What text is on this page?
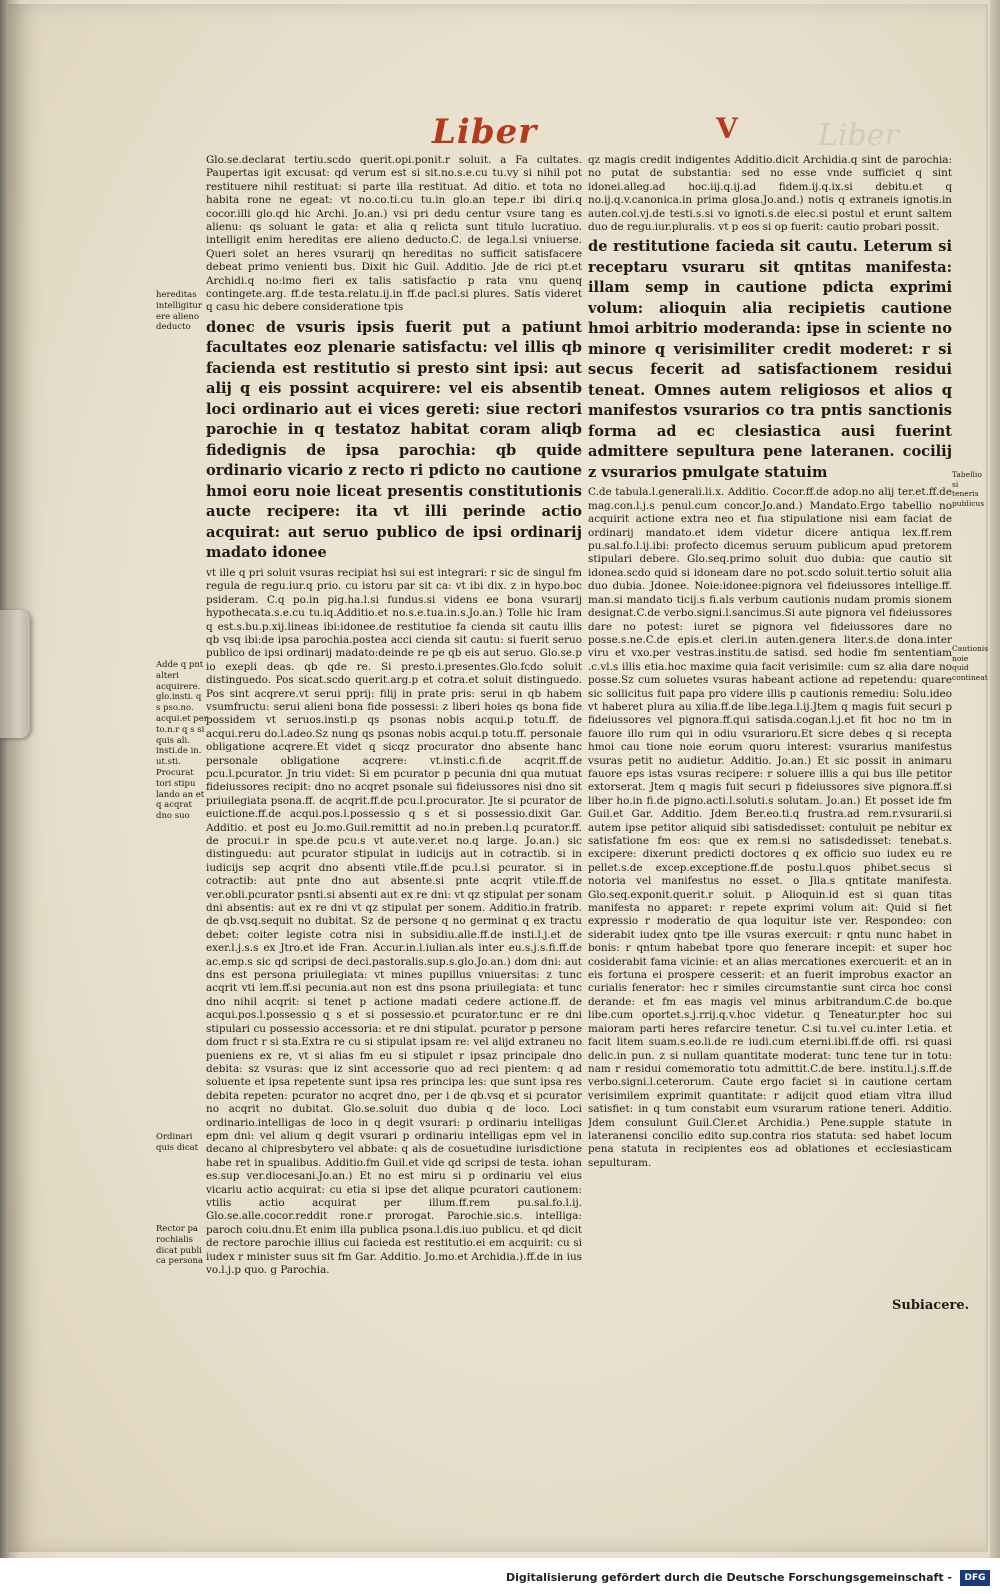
Liber
Liber	V
hereditas intelligitur ere alieno deducto
Adde q pnt alteri acquirere. glo.insti. q s pso.no. acqui.et per to.n.r q s si quis ali. insti.de in. ut.sti. Procurat tori stipu lando an et q acqrat dno suo
Ordinari quis dicat
Rector pa rochialis dicat publi ca persona
Tabellio si teneris publicus
Cautionis noie quid contineat

Glo.se.declarat tertiu.scdo querit.opi.ponit.r soluit. a Fa cultates. Paupertas igit excusat: qd verum est si sit.no.s.e.cu tu.vy si nihil pot restituere nihil restituat: si parte illa restituat. Ad ditio. et tota no habita rone ne egeat: vt no.co.ti.cu tu.in glo.an tepe.r ibi diri.q cocor.illi glo.qd hic Archi. Jo.an.) vsi pri dedu centur vsure tang es alienu: qs soluant le gata: et alia q relicta sunt titulo lucratiuo. intelligit enim hereditas ere alieno deducto.C. de lega.l.si vniuerse. Queri solet an heres vsurarij qn hereditas no sufficit satisfacere debeat primo venienti bus. Dixit hic Guil. Additio. Jde de rici pt.et Archidi.q no:imo fieri ex talis satisfactio p rata vnu quenq contingete.arg. ff.de testa.relatu.ij.in ff.de pacl.si plures. Satis videret q casu hic debere consideratione tpis

donec de vsuris ipsis fuerit put a patiunt facultates eoz plenarie satisfactu: vel illis qb facienda est restitutio si presto sint ipsi: aut alij q eis possint acquirere: vel eis absentib loci ordinario aut ei vices gereti: siue rectori parochie in q testatoz habitat coram aliqb fidedignis de ipsa parochia: qb quide ordinario vicario z recto ri pdicto no cautione hmoi eoru noie liceat presentis constitutionis aucte recipere: ita vt illi perinde actio acquirat: aut seruo publico de ipsi ordinarij madato idonee

vt ille q pri soluit vsuras recipiat hsi sui est integrari: r sic de singul fm regula de regu.iur.q prio. cu istoru par sit ca: vt ibi dix. z in hypo.boc psideram. C.q po.in pig.ha.l.si fundus.si videns ee bona vsurarij hypothecata.s.e.cu tu.iq.Additio.et no.s.e.tua.in.s.Jo.an.) Tolle hic Iram q est.s.bu.p.xij.lineas ibi:idonee.de restitutioe fa cienda sit cautu illis qb vsq ibi:de ipsa parochia.postea acci cienda sit cautu: si fuerit seruo publico de ipsi ordinarij madato:deinde re pe qb eis aut seruo. Glo.se.p io exepli deas. qb qde re. Si presto.i.presentes.Glo.fcdo soluit distinguedo. Pos sicat.scdo querit.arg.p et cotra.et soluit distinguedo. Pos sint acqrere.vt serui pprij: filij in prate pris: serui in qb habem vsumfructu: serui alieni bona fide possessi: z liberi hoies qs bona fide possidem vt seruos.insti.p qs psonas nobis acqui.p totu.ff. de acqui.reru do.l.adeo.Sz nung qs psonas nobis acqui.p totu.ff. personale obligatione acqrere.Et videt q sicqz procurator dno absente hanc personale obligatione acqrere: vt.insti.c.fi.de acqrit.ff.de pcu.l.pcurator. Jn triu videt: Si em pcurator p pecunia dni qua mutuat fideiussores recipit: dno no acqret psonale sui fideiussores nisi dno sit priuilegiata psona.ff. de acqrit.ff.de pcu.l.procurator. Jte si pcurator de euictione.ff.de acqui.pos.l.possessio q s et si possessio.dixit Gar. Additio. et post eu Jo.mo.Guil.remittit ad no.in preben.l.q pcurator.ff. de procui.r in spe.de pcu.s vt aute.ver.et no.q large. Jo.an.) sic distinguedu: aut pcurator stipulat in iudicijs aut in cotractib. si in iudicijs sep acqrit dno absenti vtile.ff.de pcu.l.si pcurator. si in cotractib: aut pnte dno aut absente.si pnte acqrit vtile.ff.de ver.obli.pcurator psnti.si absenti aut ex re dni: vt qz stipulat per sonam dni absentis: aut ex re dni vt qz stipulat per sonem. Additio.in fratrib. de qb.vsq.sequit no dubitat. Sz de persone q no germinat q ex tractu debet: coiter legiste cotra nisi in subsidiu.alle.ff.de insti.l.j.et de exer.l.j.s.s ex Jtro.et ide Fran. Accur.in.l.iulian.als inter eu.s.j.s.fi.ff.de ac.emp.s sic qd scripsi de deci.pastoralis.sup.s.glo.Jo.an.) dom dni: aut dns est persona priuilegiata: vt mines pupillus vniuersitas: z tunc acqrit vti lem.ff.si pecunia.aut non est dns psona priuilegiata: et tunc dno nihil acqrit: si tenet p actione madati cedere actione.ff. de acqui.pos.l.possessio q s et si possessio.et pcurator.tunc er re dni stipulari cu possessio accessoria: et re dni stipulat. pcurator p persone dom fruct r si sta.Extra re cu si stipulat ipsam re: vel alijd extraneu no pueniens ex re, vt si alias fm eu si stipulet r ipsaz principale dno debita: sz vsuras: que iz sint accessorie quo ad reci pientem: q ad soluente et ipsa repetente sunt ipsa res principa les: que sunt ipsa res debita repeten: pcurator no acqret dno, per i de qb.vsq et si pcurator no acqrit no dubitat. Glo.se.soluit duo dubia q de loco. Loci ordinario.intelligas de loco in q degit vsurari: p ordinariu intelligas epm dni: vel alium q degit vsurari p ordinariu intelligas epm vel in decano al chipresbytero vel abbate: q als de cosuetudine iurisdictione habe ret in spualibus. Additio.fm Guil.et vide qd scripsi de testa. iohan es.sup ver.diocesani.Jo.an.) Et no est miru si p ordinariu vel eius vicariu actio acquirat: cu etia si ipse det alique pcuratori cautionem: vtilis actio acquirat per illum.ff.rem pu.sal.fo.l.ij. Glo.se.alle.cocor.reddit rone.r prorogat. Parochie.sic.s. intelliga: paroch coiu.dnu.Et enim illa publica psona.l.dis.iuo publicu. et qd dicit de rectore parochie illius cui facieda est restitutio.ei em acquirit: cu si iudex r minister suus sit fm Gar. Additio. Jo.mo.et Archidia.).ff.de in ius vo.l.j.p quo. g Parochia.

qz magis credit indigentes Additio.dicit Archidia.q sint de parochia: no putat de substantia: sed no esse vnde sufficiet q sint idonei.alleg.ad hoc.iij.q.ij.ad fidem.ij.q.ix.si debitu.et q no.ij.q.v.canonica.in prima glosa.Jo.and.) notis q extraneis ignotis.in auten.col.vj.de testi.s.si vo ignoti.s.de elec.si postul et erunt saltem duo de regu.iur.pluralis. vt p eos si op fuerit: cautio probari possit.

de restitutione facieda sit cautu. Leterum si receptaru vsuraru sit qntitas manifesta: illam semp in cautione pdicta exprimi volum: alioquin alia recipietis cautione hmoi arbitrio moderanda: ipse in sciente no minore q verisimiliter credit moderet: r si secus fecerit ad satisfactionem residui teneat. Omnes autem religiosos et alios q manifestos vsurarios co tra pntis sanctionis forma ad ec clesiastica ausi fuerint admittere sepultura pene lateranen. cocilij z vsurarios pmulgate statuim

C.de tabula.l.generali.li.x. Additio. Cocor.ff.de adop.no alij ter.et.ff.de mag.con.l.j.s penul.cum concor.Jo.and.) Mandato.Ergo tabellio no acquirit actione extra neo et fua stipulatione nisi eam faciat de ordinarij mandato.et idem videtur dicere antiqua lex.ff.rem pu.sal.fo.l.ij.ibi: profecto dicemus seruum publicum apud pretorem stipulari debere. Glo.seq.primo soluit duo dubia: que cautio sit idonea.scdo quid si idoneam dare no pot.scdo soluit.tertio soluit alia duo dubia. Jdonee. Noie:idonee:pignora vel fideiussores intellige.ff. man.si mandato ticij.s fi.als verbum cautionis nudam promis sionem designat.C.de verbo.signi.l.sancimus.Si aute pignora vel fideiussores dare no potest: iuret se pignora vel fideiussores dare no posse.s.ne.C.de epis.et cleri.in auten.genera liter.s.de dona.inter viru et vxo.per vestras.institu.de satisd. sed hodie fm sententiam .c.vl.s illis etia.hoc maxime quia facit verisimile: cum sz alia dare no posse.Sz cum soluetes vsuras habeant actione ad repetendu: quare sic sollicitus fuit papa pro videre illis p cautionis remediu: Solu.ideo vt haberet plura au xilia.ff.de libe.lega.l.ij.Jtem q magis fuit securi p fideiussores vel pignora.ff.qui satisda.cogan.l.j.et fit hoc no tm in fauore illo rum qui in odiu vsurarioru.Et sicre debes q si recepta hmoi cau tione noie eorum quoru interest: vsurarius manifestus vsuras petit no audietur. Additio. Jo.an.) Et sic possit in animaru fauore eps istas vsuras recipere: r soluere illis a qui bus ille petitor extorserat. Jtem q magis fuit securi p fideiussores sive pignora.ff.si liber ho.in fi.de pigno.acti.l.soluti.s solutam. Jo.an.) Et posset ide fm Guil.et Gar. Additio. Jdem Ber.eo.ti.q frustra.ad rem.r.vsurarii.si autem ipse petitor aliquid sibi satisdedisset: contuluit pe nebitur ex satisfatione fm eos: que ex rem.si no satisdedisset: tenebat.s. excipere: dixerunt predicti doctores q ex officio suo iudex eu re pellet.s.de excep.exceptione.ff.de postu.l.quos phibet.secus si notoria vel manifestus no esset. o Jlla.s qntitate manifesta. Glo.seq.exponit.querit.r soluit. p Alioquin.id est si quan titas manifesta no apparet: r repete exprimi volum ait: Quid si fiet expressio r moderatio de qua loquitur iste ver. Respondeo: con siderabit iudex qnto tpe ille vsuras exercuit: r qntu nunc habet in bonis: r qntum habebat tpore quo fenerare incepit: et super hoc cosiderabit fama vicinie: et an alias mercationes exercuerit: et an in eis fortuna ei prospere cesserit: et an fuerit improbus exactor an curialis fenerator: hec r similes circumstantie sunt circa hoc consi derande: et fm eas magis vel minus arbitrandum.C.de bo.que libe.cum oportet.s.j.rrij.q.v.hoc videtur. q Teneatur.pter hoc sui maioram parti heres refarcire tenetur. C.si tu.vel cu.inter l.etia. et facit litem suam.s.eo.li.de re iudi.cum eterni.ibi.ff.de offi. rsi quasi delic.in pun. z si nullam quantitate moderat: tunc tene tur in totu: nam r residui comemoratio totu admittit.C.de bere. institu.l.j.s.ff.de verbo.signi.l.ceterorum. Caute ergo faciet si in cautione certam verisimilem exprimit quantitate: r adijcit quod etiam vltra illud satisfiet: in q tum constabit eum vsurarum ratione teneri. Additio. Jdem consulunt Guil.Cler.et Archidia.) Pene.supple statute in lateranensi concilio edito sup.contra rios statuta: sed habet locum pena statuta in recipientes eos ad oblationes et ecclesiasticam sepulturam.

Subiacere.
Digitalisierung gefördert durch die Deutsche Forschungsgemeinschaft -	DFG
